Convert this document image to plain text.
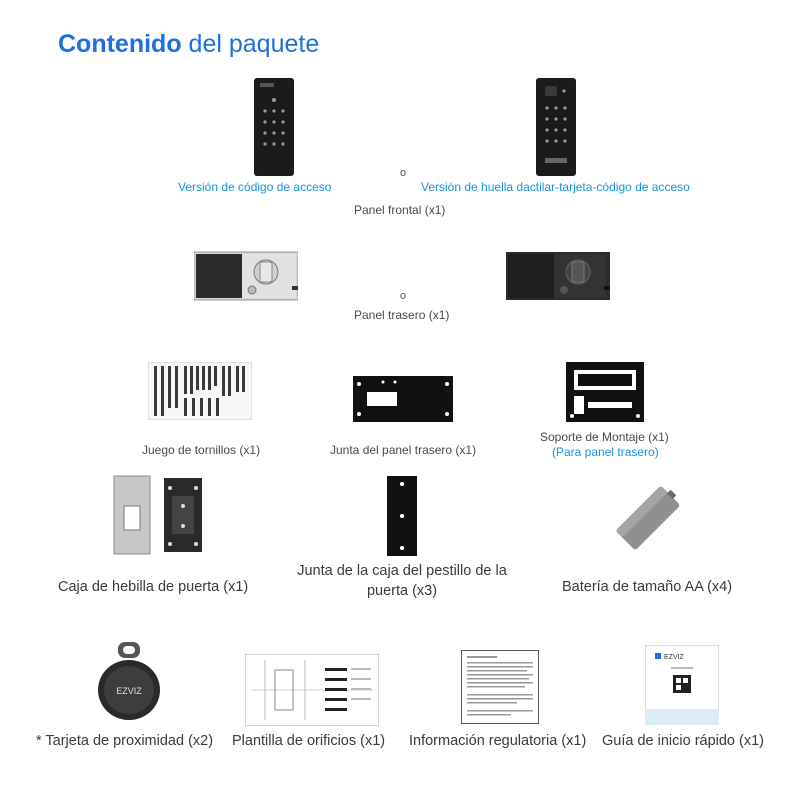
Contenido del paquete
Versión de código de acceso
o
Versión de huella dactilar-tarjeta-código de acceso
Panel frontal (x1)
o
Panel trasero (x1)
Juego de tornillos (x1)	Junta del panel trasero (x1)
Soporte de Montaje (x1)
(Para panel trasero)
Caja de hebilla de puerta (x1)
Junta de la caja del pestillo de la
puerta (x3)	Batería de tamaño AA (x4)
EZVIZ
* Tarjeta de proximidad (x2) Plantilla de orificios (x1) Información regulatoria (x1)
EZVIZ
Guía de inicio rápido (x1)
